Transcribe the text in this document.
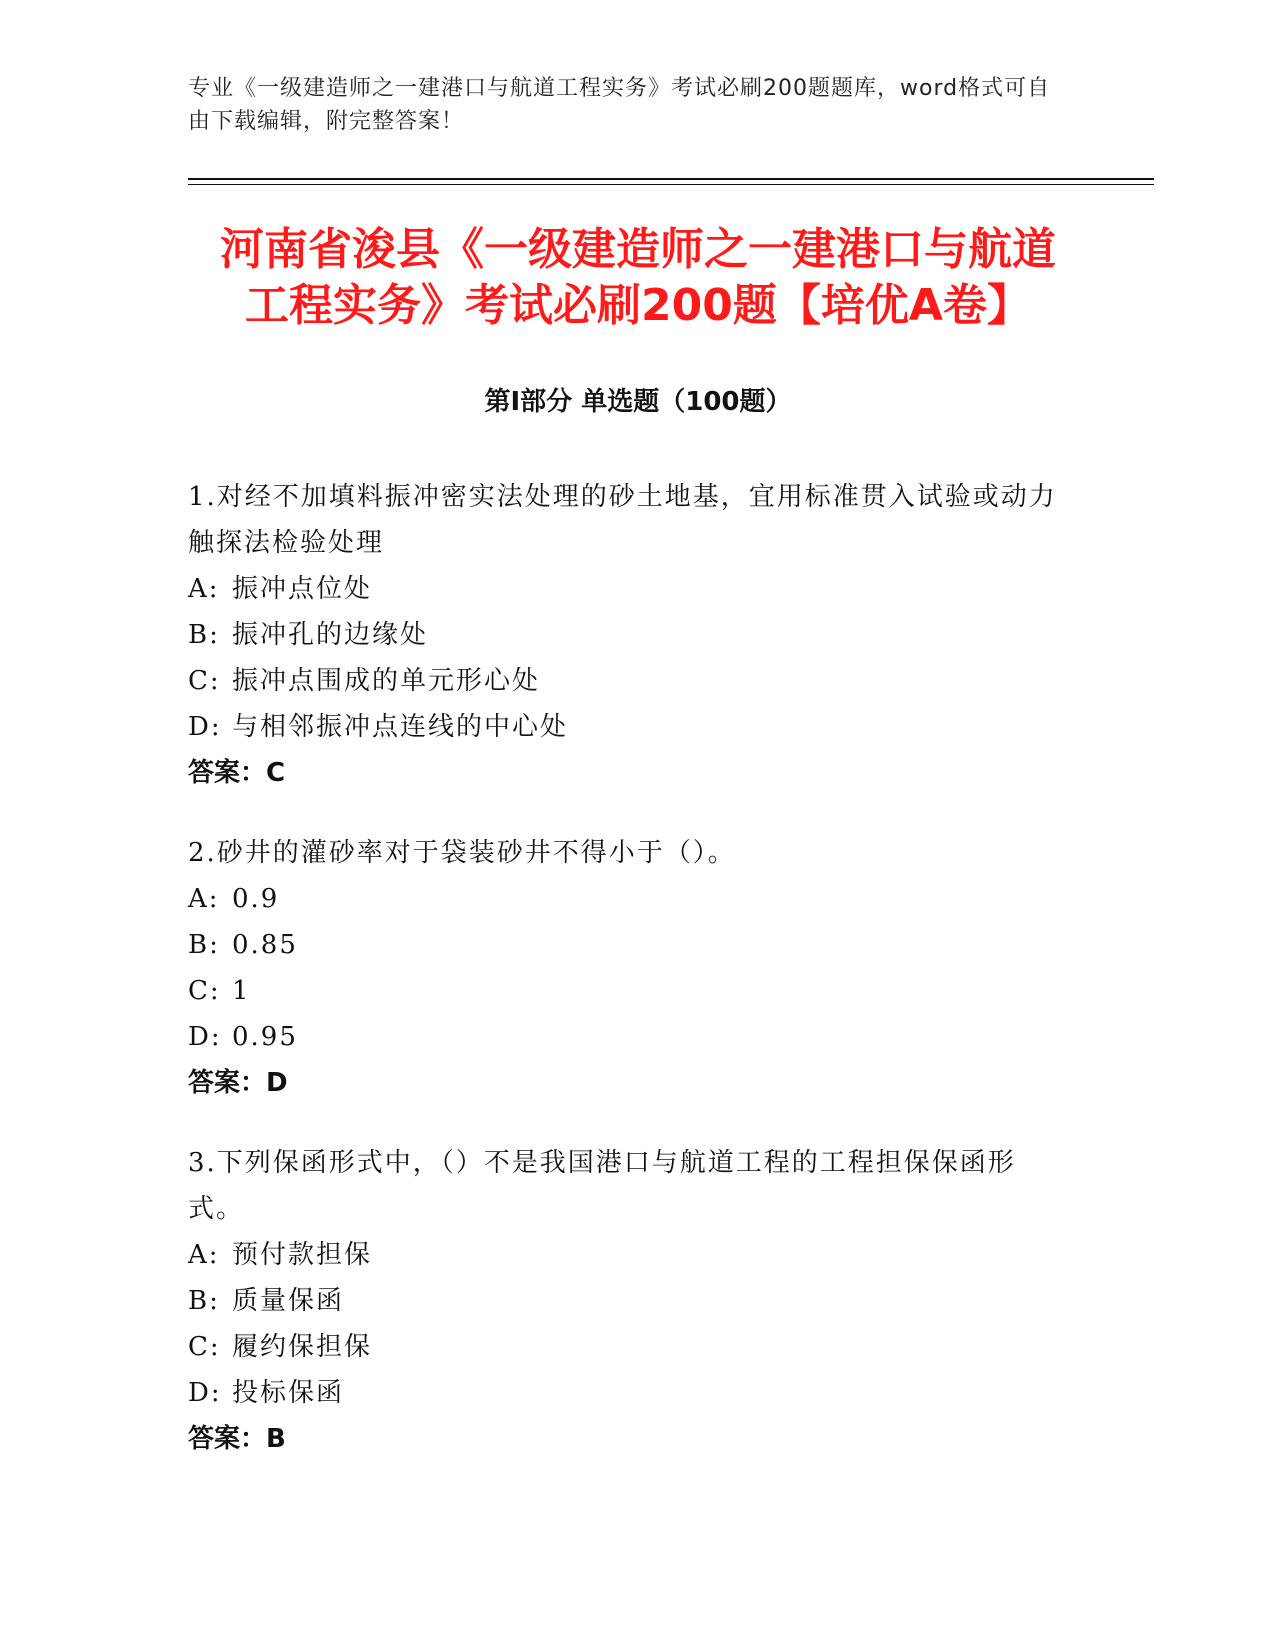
专业《一级建造师之一建港口与航道工程实务》考试必刷200题题库，word格式可自由下载编辑，附完整答案！
河南省浚县《一级建造师之一建港口与航道
工程实务》考试必刷200题【培优A卷】
第Ⅰ部分 单选题（100题）

1.对经不加填料振冲密实法处理的砂土地基，宜用标准贯入试验或动力触探法检验处理

A: 振冲点位处

B: 振冲孔的边缘处

C: 振冲点围成的单元形心处

D: 与相邻振冲点连线的中心处

答案：C

2.砂井的灌砂率对于袋装砂井不得小于（）。

A: 0.9

B: 0.85

C: 1

D: 0.95

答案：D

3.下列保函形式中，（）不是我国港口与航道工程的工程担保保函形式。

A: 预付款担保

B: 质量保函

C: 履约保担保

D: 投标保函

答案：B
